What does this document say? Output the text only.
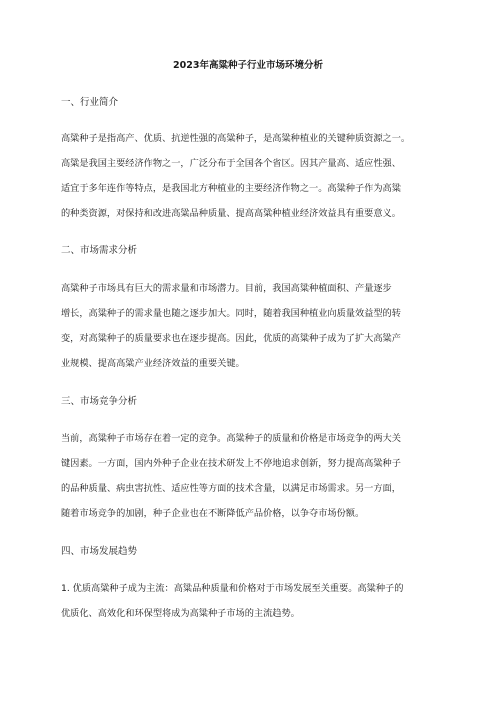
2023年高粱种子行业市场环境分析
一、行业简介
高粱种子是指高产、优质、抗逆性强的高粱种子，是高粱种植业的关键种质资源之一。
高粱是我国主要经济作物之一，广泛分布于全国各个省区。因其产量高、适应性强、
适宜于多年连作等特点，是我国北方种植业的主要经济作物之一。高粱种子作为高粱
的种类资源，对保持和改进高粱品种质量、提高高粱种植业经济效益具有重要意义。
二、市场需求分析
高粱种子市场具有巨大的需求量和市场潜力。目前，我国高粱种植面积、产量逐步
增长，高粱种子的需求量也随之逐步加大。同时，随着我国种植业向质量效益型的转
变，对高粱种子的质量要求也在逐步提高。因此，优质的高粱种子成为了扩大高粱产
业规模、提高高粱产业经济效益的重要关键。
三、市场竞争分析
当前，高粱种子市场存在着一定的竞争。高粱种子的质量和价格是市场竞争的两大关
键因素。一方面，国内外种子企业在技术研发上不停地追求创新，努力提高高粱种子
的品种质量、病虫害抗性、适应性等方面的技术含量，以满足市场需求。另一方面，
随着市场竞争的加剧，种子企业也在不断降低产品价格，以争夺市场份额。
四、市场发展趋势
1. 优质高粱种子成为主流：高粱品种质量和价格对于市场发展至关重要。高粱种子的
优质化、高效化和环保型将成为高粱种子市场的主流趋势。
